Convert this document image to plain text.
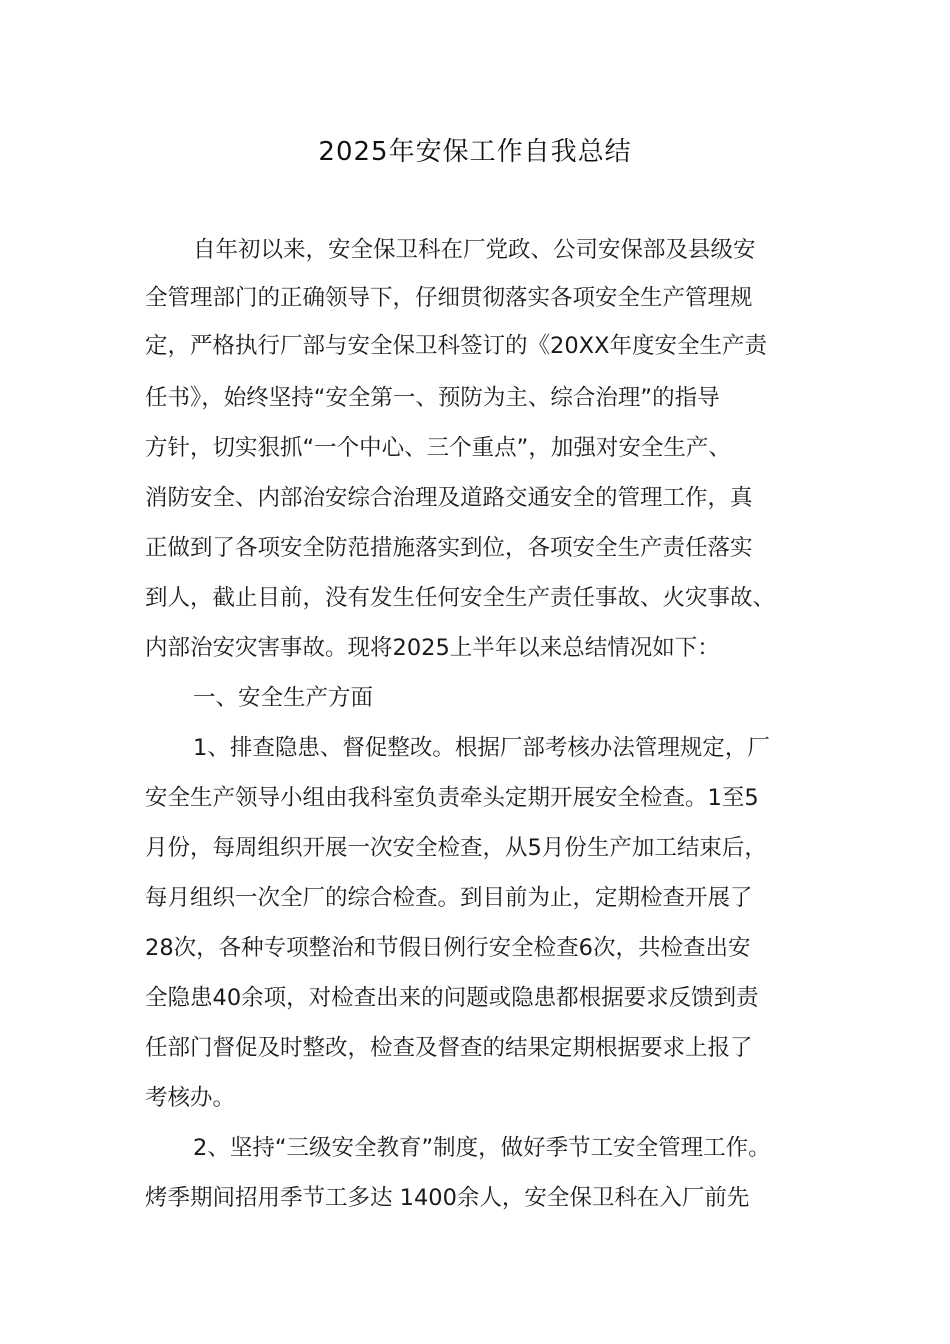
2025年安保工作自我总结
自年初以来，安全保卫科在厂党政、公司安保部及县级安
全管理部门的正确领导下，仔细贯彻落实各项安全生产管理规
定，严格执行厂部与安全保卫科签订的《20XX年度安全生产责
任书》，始终坚持“安全第一、预防为主、综合治理”的指导
方针，切实狠抓“一个中心、三个重点”，加强对安全生产、
消防安全、内部治安综合治理及道路交通安全的管理工作，真
正做到了各项安全防范措施落实到位，各项安全生产责任落实
到人，截止目前，没有发生任何安全生产责任事故、火灾事故、
内部治安灾害事故。现将2025上半年以来总结情况如下：
一、安全生产方面
1、排查隐患、督促整改。根据厂部考核办法管理规定，厂
安全生产领导小组由我科室负责牵头定期开展安全检查。1至5
月份，每周组织开展一次安全检查，从5月份生产加工结束后，
每月组织一次全厂的综合检查。到目前为止，定期检查开展了
28次，各种专项整治和节假日例行安全检查6次，共检查出安
全隐患40余项，对检查出来的问题或隐患都根据要求反馈到责
任部门督促及时整改，检查及督查的结果定期根据要求上报了
考核办。
2、坚持“三级安全教育”制度，做好季节工安全管理工作。
烤季期间招用季节工多达 1400余人，安全保卫科在入厂前先
